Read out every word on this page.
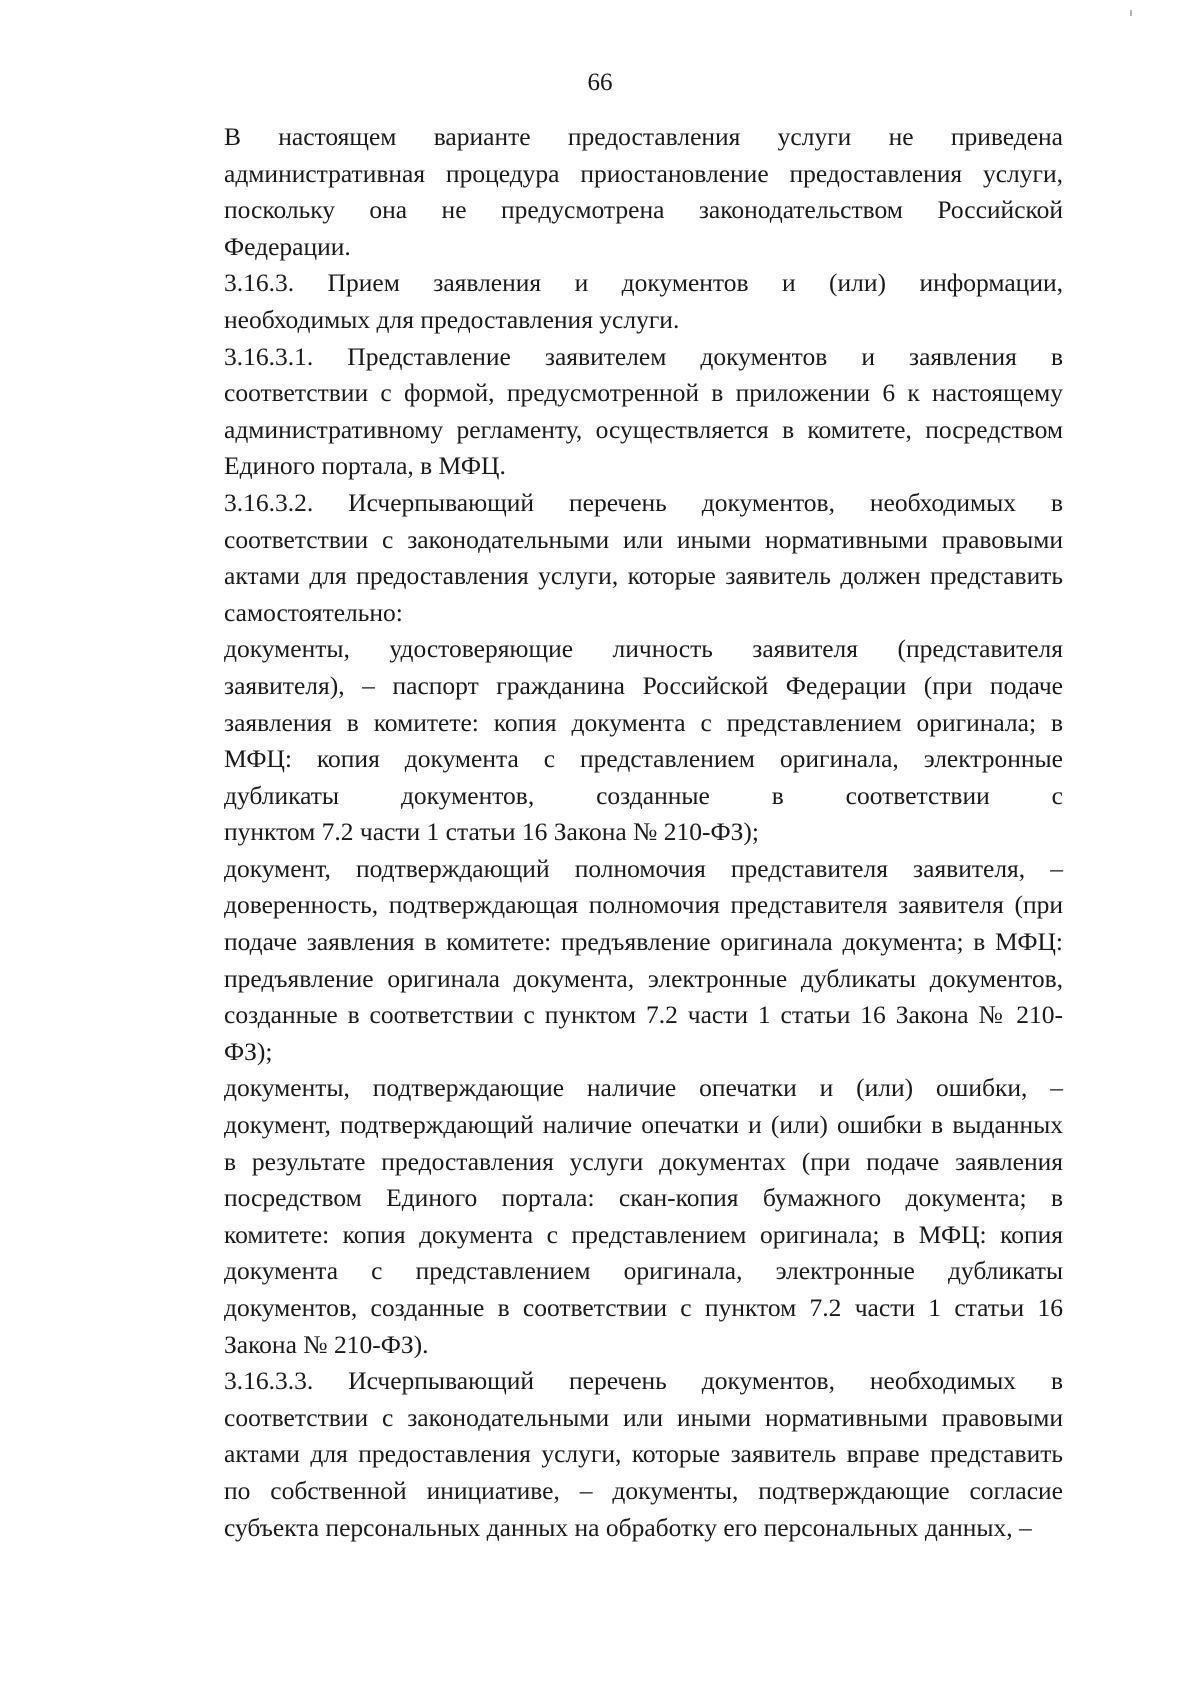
66

В настоящем варианте предоставления услуги не приведена
административная процедура приостановление предоставления услуги,
поскольку она не предусмотрена законодательством Российской
Федерации.

3.16.3. Прием заявления и документов и (или) информации,
необходимых для предоставления услуги.

3.16.3.1. Представление заявителем документов и заявления в
соответствии с формой, предусмотренной в приложении 6 к настоящему
административному регламенту, осуществляется в комитете, посредством
Единого портала, в МФЦ.

3.16.3.2. Исчерпывающий перечень документов, необходимых в
соответствии с законодательными или иными нормативными правовыми
актами для предоставления услуги, которые заявитель должен представить
самостоятельно:

документы, удостоверяющие личность заявителя (представителя
заявителя), – паспорт гражданина Российской Федерации (при подаче
заявления в комитете: копия документа с представлением оригинала; в
МФЦ: копия документа с представлением оригинала, электронные
дубликаты документов, созданные в соответствии с
пунктом 7.2 части 1 статьи 16 Закона № 210-ФЗ);

документ, подтверждающий полномочия представителя заявителя, –
доверенность, подтверждающая полномочия представителя заявителя (при
подаче заявления в комитете: предъявление оригинала документа; в МФЦ:
предъявление оригинала документа, электронные дубликаты документов,
созданные в соответствии с пунктом 7.2 части 1 статьи 16 Закона № 210-
ФЗ);

документы, подтверждающие наличие опечатки и (или) ошибки, –
документ, подтверждающий наличие опечатки и (или) ошибки в выданных
в результате предоставления услуги документах (при подаче заявления
посредством Единого портала: скан-копия бумажного документа; в
комитете: копия документа с представлением оригинала; в МФЦ: копия
документа с представлением оригинала, электронные дубликаты
документов, созданные в соответствии с пунктом 7.2 части 1 статьи 16
Закона № 210-ФЗ).

3.16.3.3. Исчерпывающий перечень документов, необходимых в
соответствии с законодательными или иными нормативными правовыми
актами для предоставления услуги, которые заявитель вправе представить
по собственной инициативе, – документы, подтверждающие согласие
субъекта персональных данных на обработку его персональных данных, –
